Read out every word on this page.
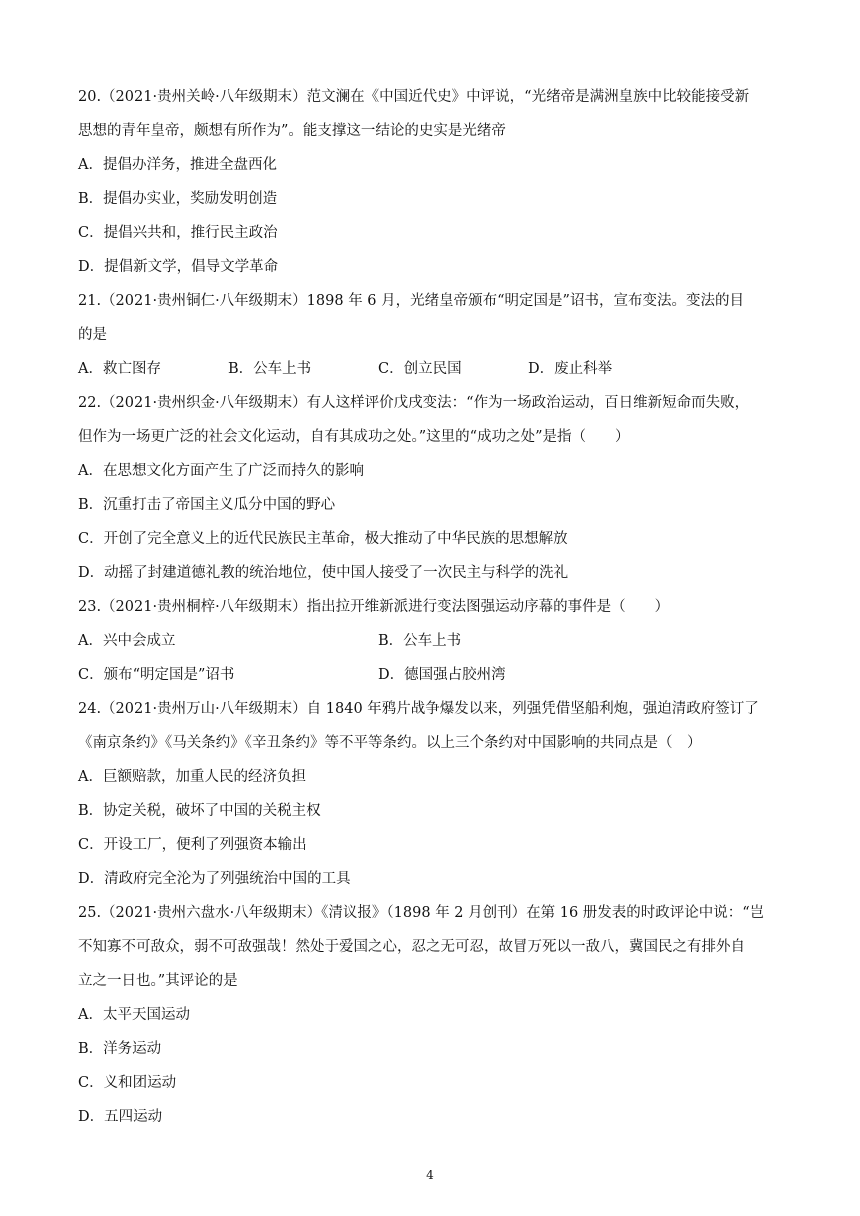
20.（2021·贵州关岭·八年级期末）范文澜在《中国近代史》中评说，“光绪帝是满洲皇族中比较能接受新
思想的青年皇帝，颇想有所作为”。能支撑这一结论的史实是光绪帝
A．提倡办洋务，推进全盘西化
B．提倡办实业，奖励发明创造
C．提倡兴共和，推行民主政治
D．提倡新文学，倡导文学革命
21.（2021·贵州铜仁·八年级期末）1898 年 6 月，光绪皇帝颁布“明定国是”诏书，宣布变法。变法的目
的是
A．救亡图存	B．公车上书	C．创立民国	D．废止科举
22.（2021·贵州织金·八年级期末）有人这样评价戊戌变法：“作为一场政治运动，百日维新短命而失败，
但作为一场更广泛的社会文化运动，自有其成功之处。”这里的“成功之处”是指（　　）
A．在思想文化方面产生了广泛而持久的影响
B．沉重打击了帝国主义瓜分中国的野心
C．开创了完全意义上的近代民族民主革命，极大推动了中华民族的思想解放
D．动摇了封建道德礼教的统治地位，使中国人接受了一次民主与科学的洗礼
23.（2021·贵州桐梓·八年级期末）指出拉开维新派进行变法图强运动序幕的事件是（　　）
A．兴中会成立	B．公车上书
C．颁布“明定国是”诏书	D．德国强占胶州湾
24.（2021·贵州万山·八年级期末）自 1840 年鸦片战争爆发以来，列强凭借坚船利炮，强迫清政府签订了
《南京条约》《马关条约》《辛丑条约》等不平等条约。以上三个条约对中国影响的共同点是（　）
A．巨额赔款，加重人民的经济负担
B．协定关税，破坏了中国的关税主权
C．开设工厂，便利了列强资本输出
D．清政府完全沦为了列强统治中国的工具
25.（2021·贵州六盘水·八年级期末）《清议报》（1898 年 2 月创刊）在第 16 册发表的时政评论中说：“岂
不知寡不可敌众，弱不可敌强哉！然处于爱国之心，忍之无可忍，故冒万死以一敌八，冀国民之有排外自
立之一日也。”其评论的是
A．太平天国运动
B．洋务运动
C．义和团运动
D．五四运动
4
